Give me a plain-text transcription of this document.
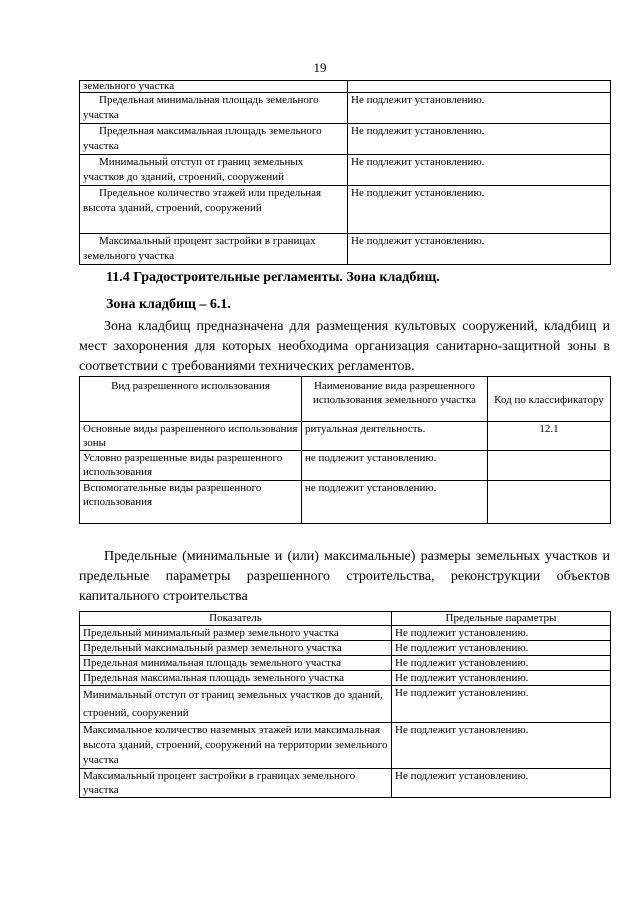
19
земельного участка	
Предельная минимальная площадь земельного участка	Не подлежит установлению.
Предельная максимальная площадь земельного участка	Не подлежит установлению.
Минимальный отступ от границ земельных участков до зданий, строений, сооружений	Не подлежит установлению.
Предельное количество этажей или предельная высота зданий, строений, сооружений	Не подлежит установлению.
Максимальный процент застройки в границах земельного участка	Не подлежит установлению.
11.4 Градостроительные регламенты. Зона кладбищ.
Зона кладбищ – 6.1.

Зона кладбищ предназначена для размещения культовых сооружений, кладбищ и мест захоронения для которых необходима организация санитарно-защитной зоны в соответствии с требованиями технических регламентов.

Вид разрешенного использования	Наименование вида разрешенного использования земельного участка	Код по классификатору
Основные виды разрешенного использования зоны	ритуальная деятельность.	12.1
Условно разрешенные виды разрешенного использования	не подлежит установлению.	
Вспомогательные виды разрешенного использования	не подлежит установлению.	

Предельные (минимальные и (или) максимальные) размеры земельных участков и предельные параметры разрешенного строительства, реконструкции объектов капитального строительства

Показатель	Предельные параметры
Предельный минимальный размер земельного участка	Не подлежит установлению.
Предельный максимальный размер земельного участка	Не подлежит установлению.
Предельная минимальная площадь земельного участка	Не подлежит установлению.
Предельная максимальная площадь земельного участка	Не подлежит установлению.
Минимальный отступ от границ земельных участков до зданий, строений, сооружений	Не подлежит установлению.
Максимальное количество наземных этажей или максимальная высота зданий, строений, сооружений на территории земельного участка	Не подлежит установлению.
Максимальный процент застройки в границах земельного участка	Не подлежит установлению.
